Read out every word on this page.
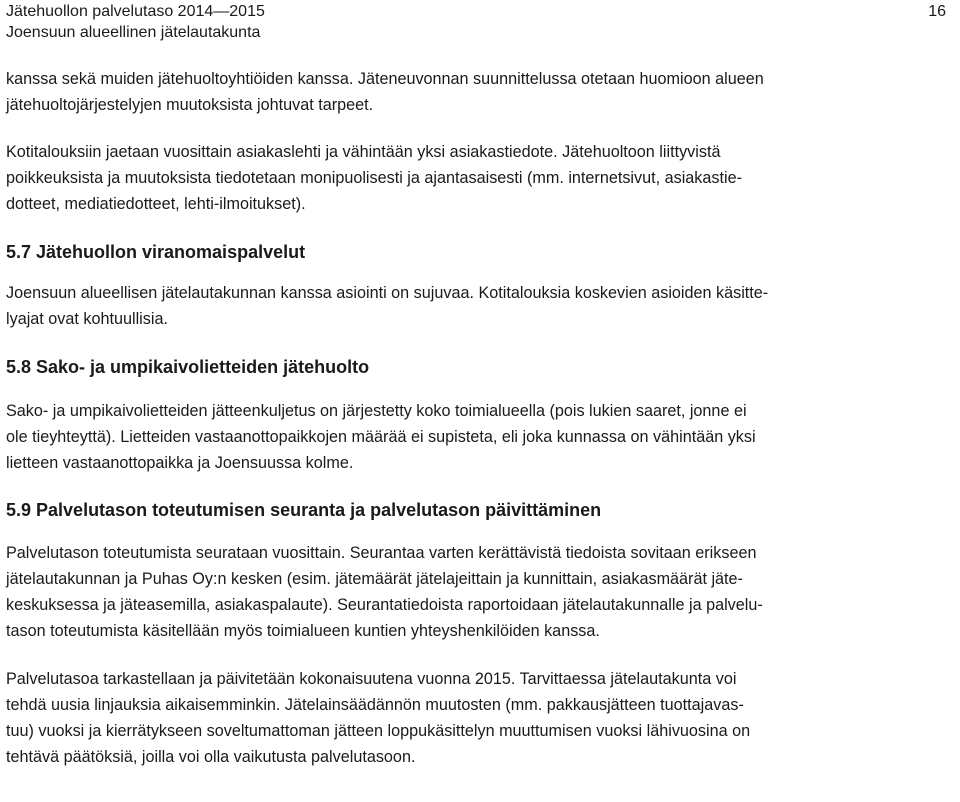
Jätehuollon palvelutaso 2014—2015
Joensuun alueellinen jätelautakunta
16

kanssa sekä muiden jätehuoltoyhtiöiden kanssa. Jäteneuvonnan suunnittelussa otetaan huomioon alueen
jätehuoltojärjestelyjen muutoksista johtuvat tarpeet.

Kotitalouksiin jaetaan vuosittain asiakaslehti ja vähintään yksi asiakastiedote. Jätehuoltoon liittyvistä
poikkeuksista ja muutoksista tiedotetaan monipuolisesti ja ajantasaisesti (mm. internetsivut, asiakastie-
dotteet, mediatiedotteet, lehti-ilmoitukset).

5.7 Jätehuollon viranomaispalvelut

Joensuun alueellisen jätelautakunnan kanssa asiointi on sujuvaa. Kotitalouksia koskevien asioiden käsitte-
lyajat ovat kohtuullisia.

5.8 Sako- ja umpikaivolietteiden jätehuolto

Sako- ja umpikaivolietteiden jätteenkuljetus on järjestetty koko toimialueella (pois lukien saaret, jonne ei
ole tieyhteyttä). Lietteiden vastaanottopaikkojen määrää ei supisteta, eli joka kunnassa on vähintään yksi
lietteen vastaanottopaikka ja Joensuussa kolme.

5.9 Palvelutason toteutumisen seuranta ja palvelutason päivittäminen

Palvelutason toteutumista seurataan vuosittain. Seurantaa varten kerättävistä tiedoista sovitaan erikseen
jätelautakunnan ja Puhas Oy:n kesken (esim. jätemäärät jätelajeittain ja kunnittain, asiakasmäärät jäte-
keskuksessa ja jäteasemilla, asiakaspalaute). Seurantatiedoista raportoidaan jätelautakunnalle ja palvelu-
tason toteutumista käsitellään myös toimialueen kuntien yhteyshenkilöiden kanssa.

Palvelutasoa tarkastellaan ja päivitetään kokonaisuutena vuonna 2015. Tarvittaessa jätelautakunta voi
tehdä uusia linjauksia aikaisemminkin. Jätelainsäädännön muutosten (mm. pakkausjätteen tuottajavas-
tuu) vuoksi ja kierrätykseen soveltumattoman jätteen loppukäsittelyn muuttumisen vuoksi lähivuosina on
tehtävä päätöksiä, joilla voi olla vaikutusta palvelutasoon.
